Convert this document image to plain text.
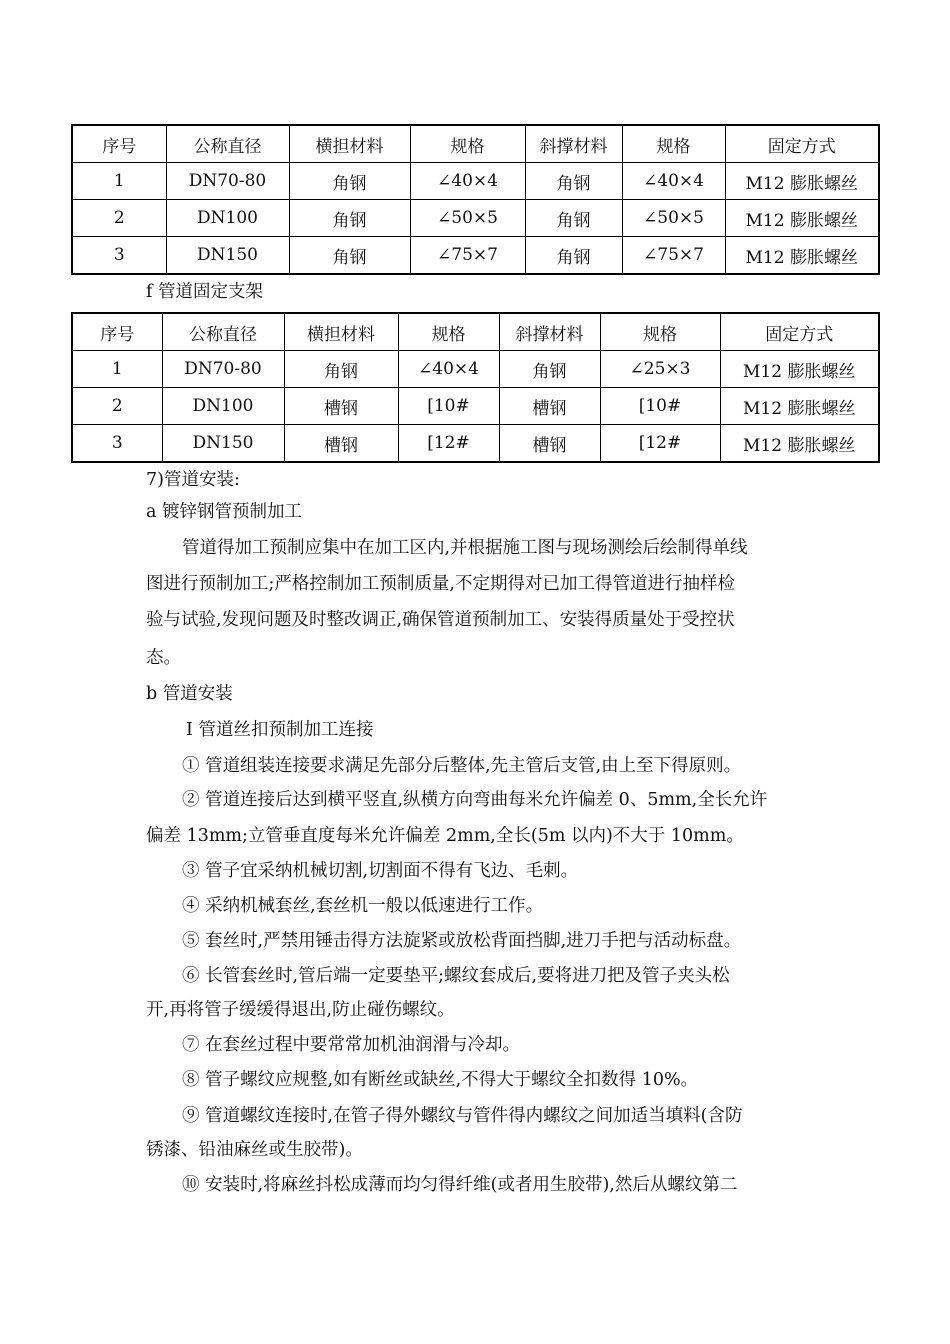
序号	公称直径	横担材料	规格	斜撑材料	规格	固定方式
1	DN70-80	角钢	∠40×4	角钢	∠40×4	M12 膨胀螺丝
2	DN100	角钢	∠50×5	角钢	∠50×5	M12 膨胀螺丝
3	DN150	角钢	∠75×7	角钢	∠75×7	M12 膨胀螺丝
f 管道固定支架
序号	公称直径	横担材料	规格	斜撑材料	规格	固定方式
1	DN70-80	角钢	∠40×4	角钢	∠25×3	M12 膨胀螺丝
2	DN100	槽钢	[10#	槽钢	[10#	M12 膨胀螺丝
3	DN150	槽钢	[12#	槽钢	[12#	M12 膨胀螺丝
7)管道安装:
a 镀锌钢管预制加工
管道得加工预制应集中在加工区内,并根据施工图与现场测绘后绘制得单线
图进行预制加工;严格控制加工预制质量,不定期得对已加工得管道进行抽样检
验与试验,发现问题及时整改调正,确保管道预制加工、安装得质量处于受控状
态。
b 管道安装
Ⅰ 管道丝扣预制加工连接
① 管道组装连接要求满足先部分后整体,先主管后支管,由上至下得原则。
② 管道连接后达到横平竖直,纵横方向弯曲每米允许偏差 0、5mm,全长允许
偏差 13mm;立管垂直度每米允许偏差 2mm,全长(5m 以内)不大于 10mm。
③ 管子宜采纳机械切割,切割面不得有飞边、毛刺。
④ 采纳机械套丝,套丝机一般以低速进行工作。
⑤ 套丝时,严禁用锤击得方法旋紧或放松背面挡脚,进刀手把与活动标盘。
⑥ 长管套丝时,管后端一定要垫平;螺纹套成后,要将进刀把及管子夹头松
开,再将管子缓缓得退出,防止碰伤螺纹。
⑦ 在套丝过程中要常常加机油润滑与冷却。
⑧ 管子螺纹应规整,如有断丝或缺丝,不得大于螺纹全扣数得 10%。
⑨ 管道螺纹连接时,在管子得外螺纹与管件得内螺纹之间加适当填料(含防
锈漆、铅油麻丝或生胶带)。
⑩ 安装时,将麻丝抖松成薄而均匀得纤维(或者用生胶带),然后从螺纹第二
